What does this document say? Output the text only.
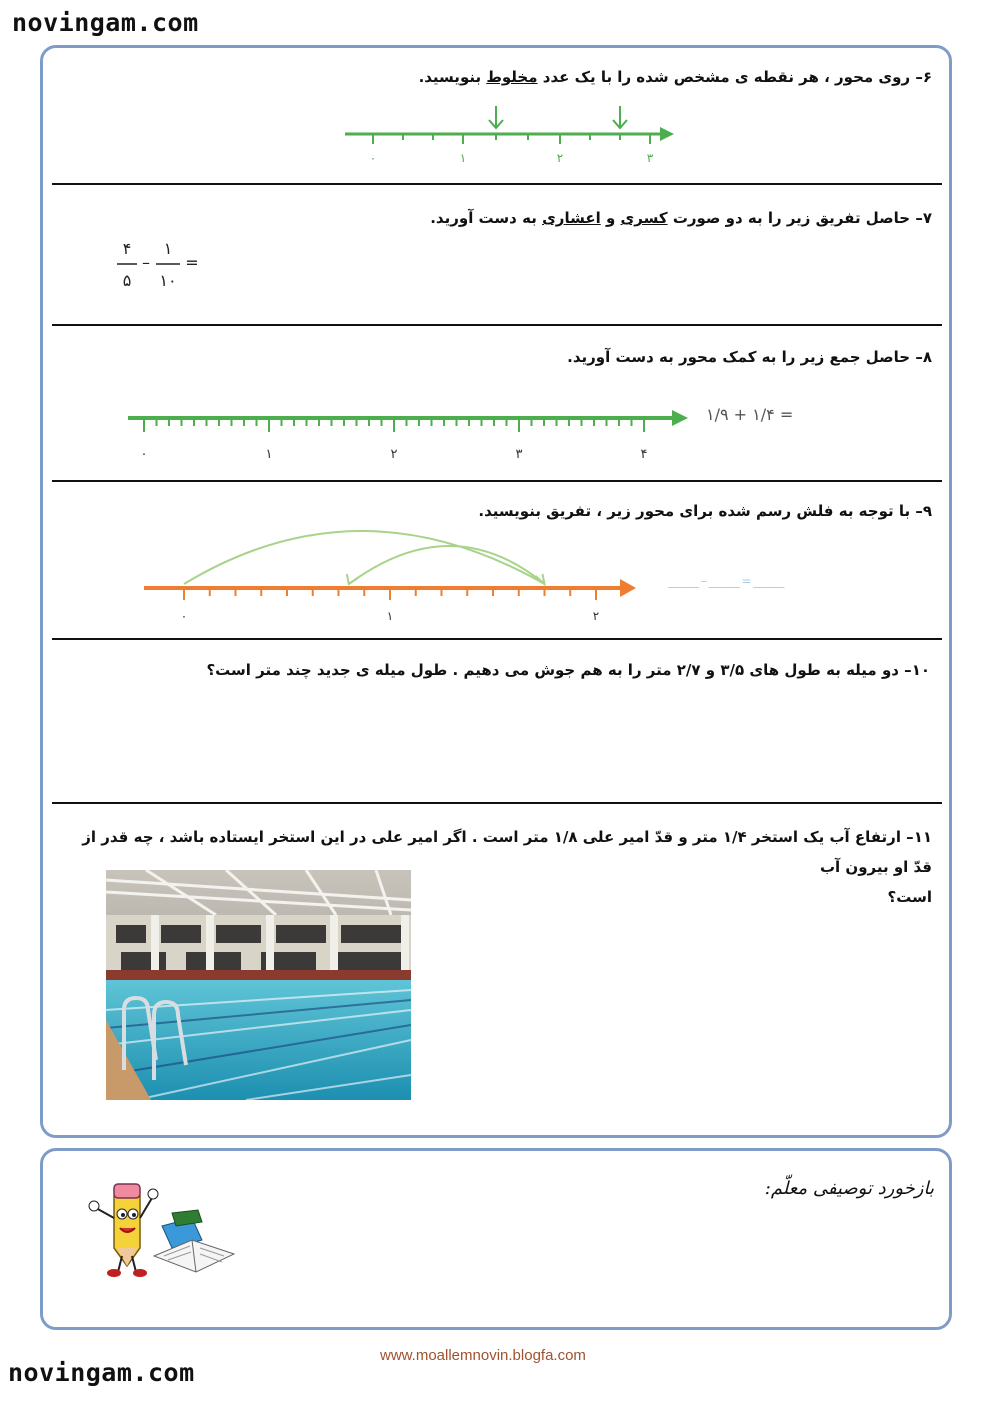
novingam.com
۶– روی محور ، هر نقطه ی مشخص شده را با یک عدد مخلوط بنویسید.
۰	۱	۲	۳
۷– حاصل تفریق زیر را به دو صورت کسری و اعشاری به دست آورید.
۴
۵
–
۱
۱۰
=
۸– حاصل جمع زیر را به کمک محور به دست آورید.
۰	۱	۲	۳	۴
۱/۹ + ۱/۴ =
۹– با توجه به فلش رسم شده برای محور زیر ، تفریق بنویسید.
۰	۱	۲
______ – ______ = ______
۱۰– دو میله به طول های ۳/۵ و ۲/۷ متر را به هم جوش می دهیم . طول میله ی جدید چند متر است؟
۱۱– ارتفاع آب یک استخر ۱/۴ متر و قدّ امیر علی ۱/۸ متر است . اگر امیر علی در این استخر ایستاده باشد ، چه قدر از قدّ او بیرون آب
است؟
بازخورد توصیفی معلّم:
www.moallemnovin.blogfa.com
novingam.com
